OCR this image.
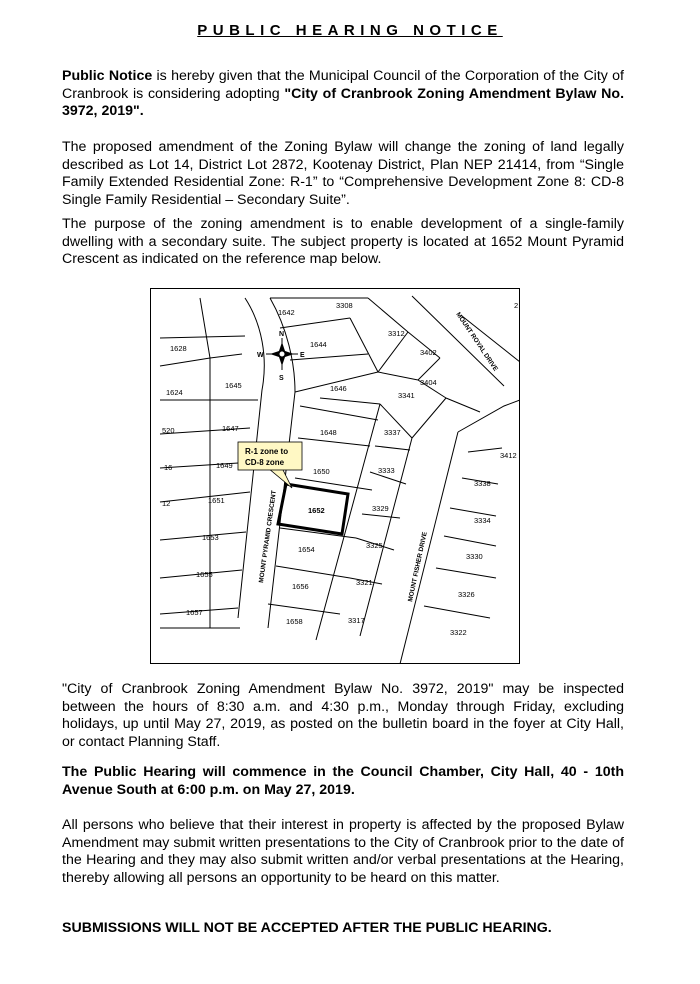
PUBLIC HEARING NOTICE

Public Notice is hereby given that the Municipal Council of the Corporation of the City of Cranbrook is considering adopting "City of Cranbrook Zoning Amendment Bylaw No. 3972, 2019".

The proposed amendment of the Zoning Bylaw will change the zoning of land legally described as Lot 14, District Lot 2872, Kootenay District, Plan NEP 21414, from “Single Family Extended Residential Zone: R-1” to “Comprehensive Development Zone 8: CD-8 Single Family Residential – Secondary Suite”.

The purpose of the zoning amendment is to enable development of a single-family dwelling with a secondary suite. The subject property is located at 1652 Mount Pyramid Crescent as indicated on the reference map below.

N
S
E
W
1642
3308
3312
1644
1628	3402
1645	1646
3404
3341
1624
1647	1648	3337
520
3412
1649
1650	3333
3338
16
1651
1652	3329
12
3334
1653
1654	3325
3330
1655
1656	3321
3326
1657
1658	3317
3322
2
MOUNT PYRAMID CRESCENT	MOUNT FISHER DRIVE
MOUNT ROYAL DRIVE
R-1 zone to
CD-8 zone

"City of Cranbrook Zoning Amendment Bylaw No. 3972, 2019" may be inspected between the hours of 8:30 a.m. and 4:30 p.m., Monday through Friday, excluding holidays, up until May 27, 2019, as posted on the bulletin board in the foyer at City Hall, or contact Planning Staff.

The Public Hearing will commence in the Council Chamber, City Hall, 40 - 10th Avenue South at 6:00 p.m. on May 27, 2019.

All persons who believe that their interest in property is affected by the proposed Bylaw Amendment may submit written presentations to the City of Cranbrook prior to the date of the Hearing and they may also submit written and/or verbal presentations at the Hearing, thereby allowing all persons an opportunity to be heard on this matter.

SUBMISSIONS WILL NOT BE ACCEPTED AFTER THE PUBLIC HEARING.
